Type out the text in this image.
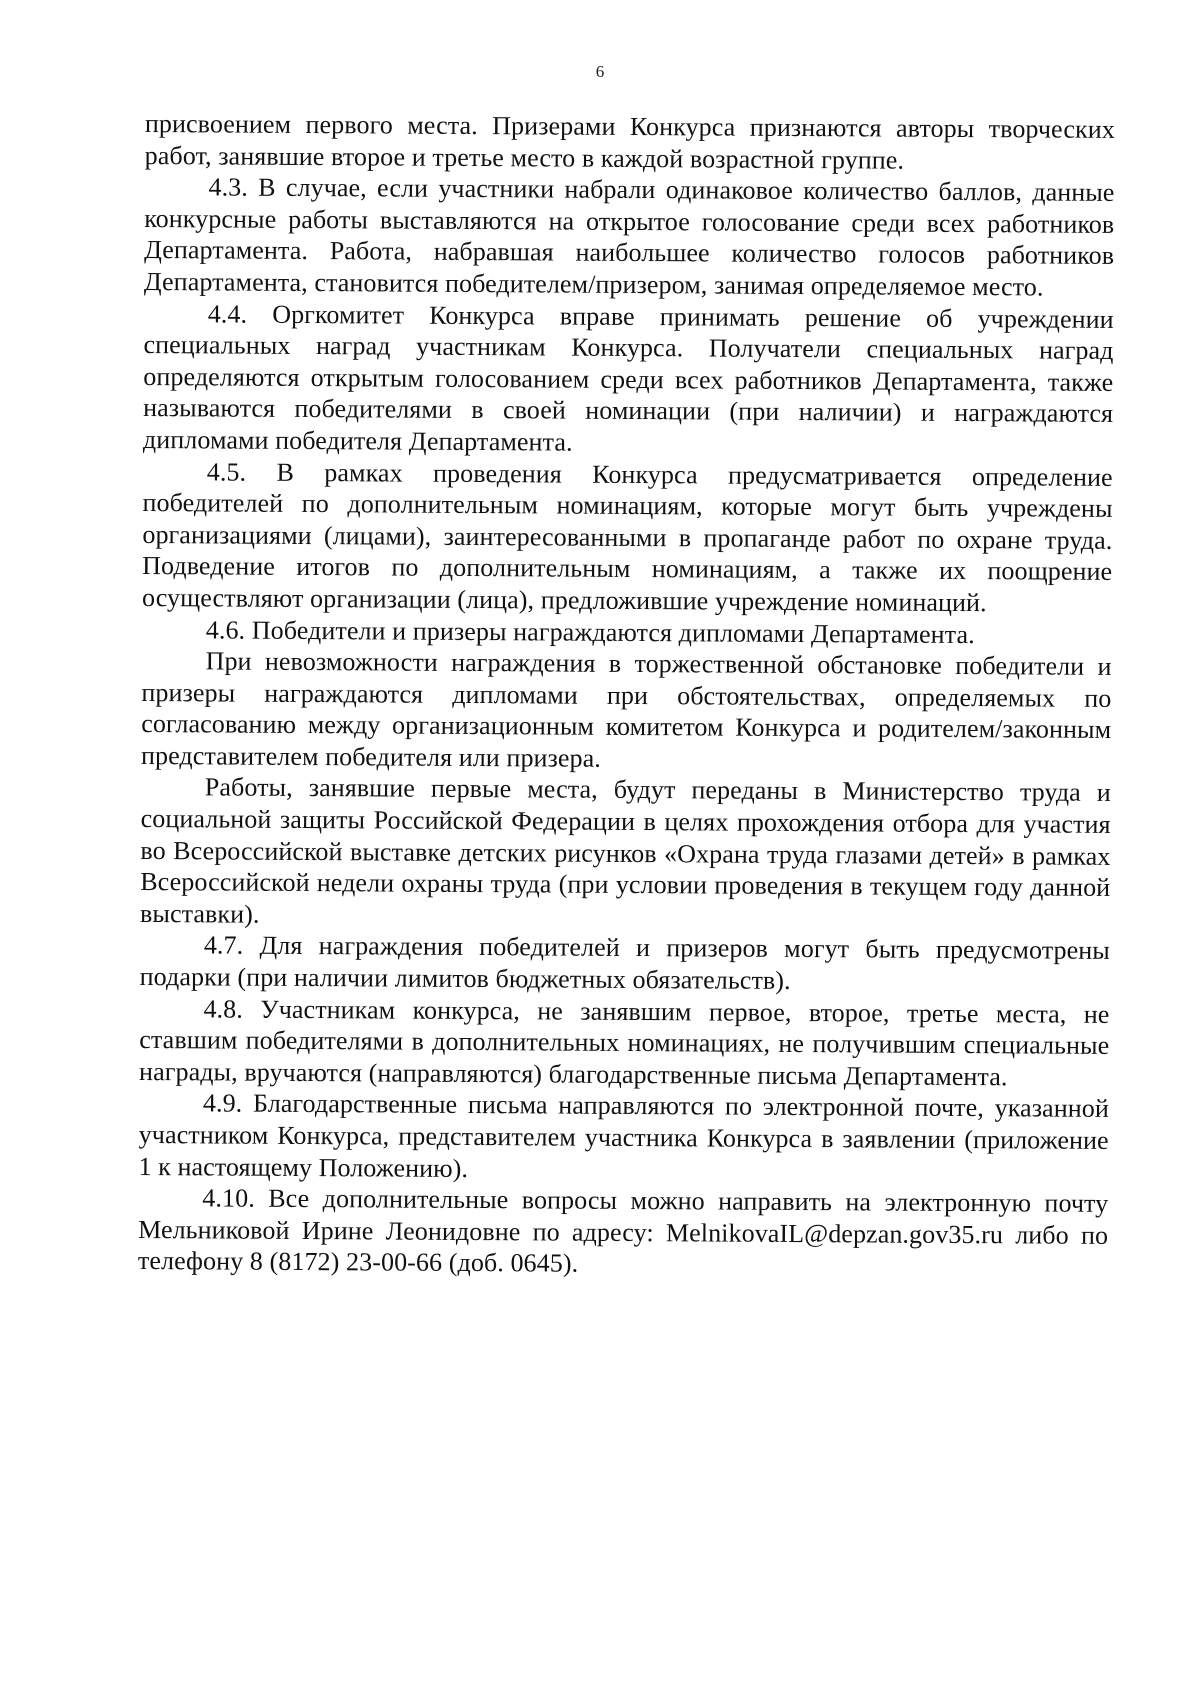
6

присвоением первого места. Призерами Конкурса признаются авторы творческих работ, занявшие второе и третье место в каждой возрастной группе.

4.3. В случае, если участники набрали одинаковое количество баллов, данные конкурсные работы выставляются на открытое голосование среди всех работников Департамента. Работа, набравшая наибольшее количество голосов работников Департамента, становится победителем/призером, занимая определяемое место.

4.4. Оргкомитет Конкурса вправе принимать решение об учреждении специальных наград участникам Конкурса. Получатели специальных наград определяются открытым голосованием среди всех работников Департамента, также называются победителями в своей номинации (при наличии) и награждаются дипломами победителя Департамента.

4.5. В рамках проведения Конкурса предусматривается определение победителей по дополнительным номинациям, которые могут быть учреждены организациями (лицами), заинтересованными в пропаганде работ по охране труда. Подведение итогов по дополнительным номинациям, а также их поощрение осуществляют организации (лица), предложившие учреждение номинаций.

4.6. Победители и призеры награждаются дипломами Департамента.

При невозможности награждения в торжественной обстановке победители и призеры награждаются дипломами при обстоятельствах, определяемых по согласованию между организационным комитетом Конкурса и родителем/законным представителем победителя или призера.

Работы, занявшие первые места, будут переданы в Министерство труда и социальной защиты Российской Федерации в целях прохождения отбора для участия во Всероссийской выставке детских рисунков «Охрана труда глазами детей» в рамках Всероссийской недели охраны труда (при условии проведения в текущем году данной выставки).

4.7. Для награждения победителей и призеров могут быть предусмотрены подарки (при наличии лимитов бюджетных обязательств).

4.8. Участникам конкурса, не занявшим первое, второе, третье места, не ставшим победителями в дополнительных номинациях, не получившим специальные награды, вручаются (направляются) благодарственные письма Департамента.

4.9. Благодарственные письма направляются по электронной почте, указанной участником Конкурса, представителем участника Конкурса в заявлении (приложение 1 к настоящему Положению).

4.10. Все дополнительные вопросы можно направить на электронную почту Мельниковой Ирине Леонидовне по адресу: MelnikovaIL@depzan.gov35.ru либо по телефону 8 (8172) 23-00-66 (доб. 0645).
